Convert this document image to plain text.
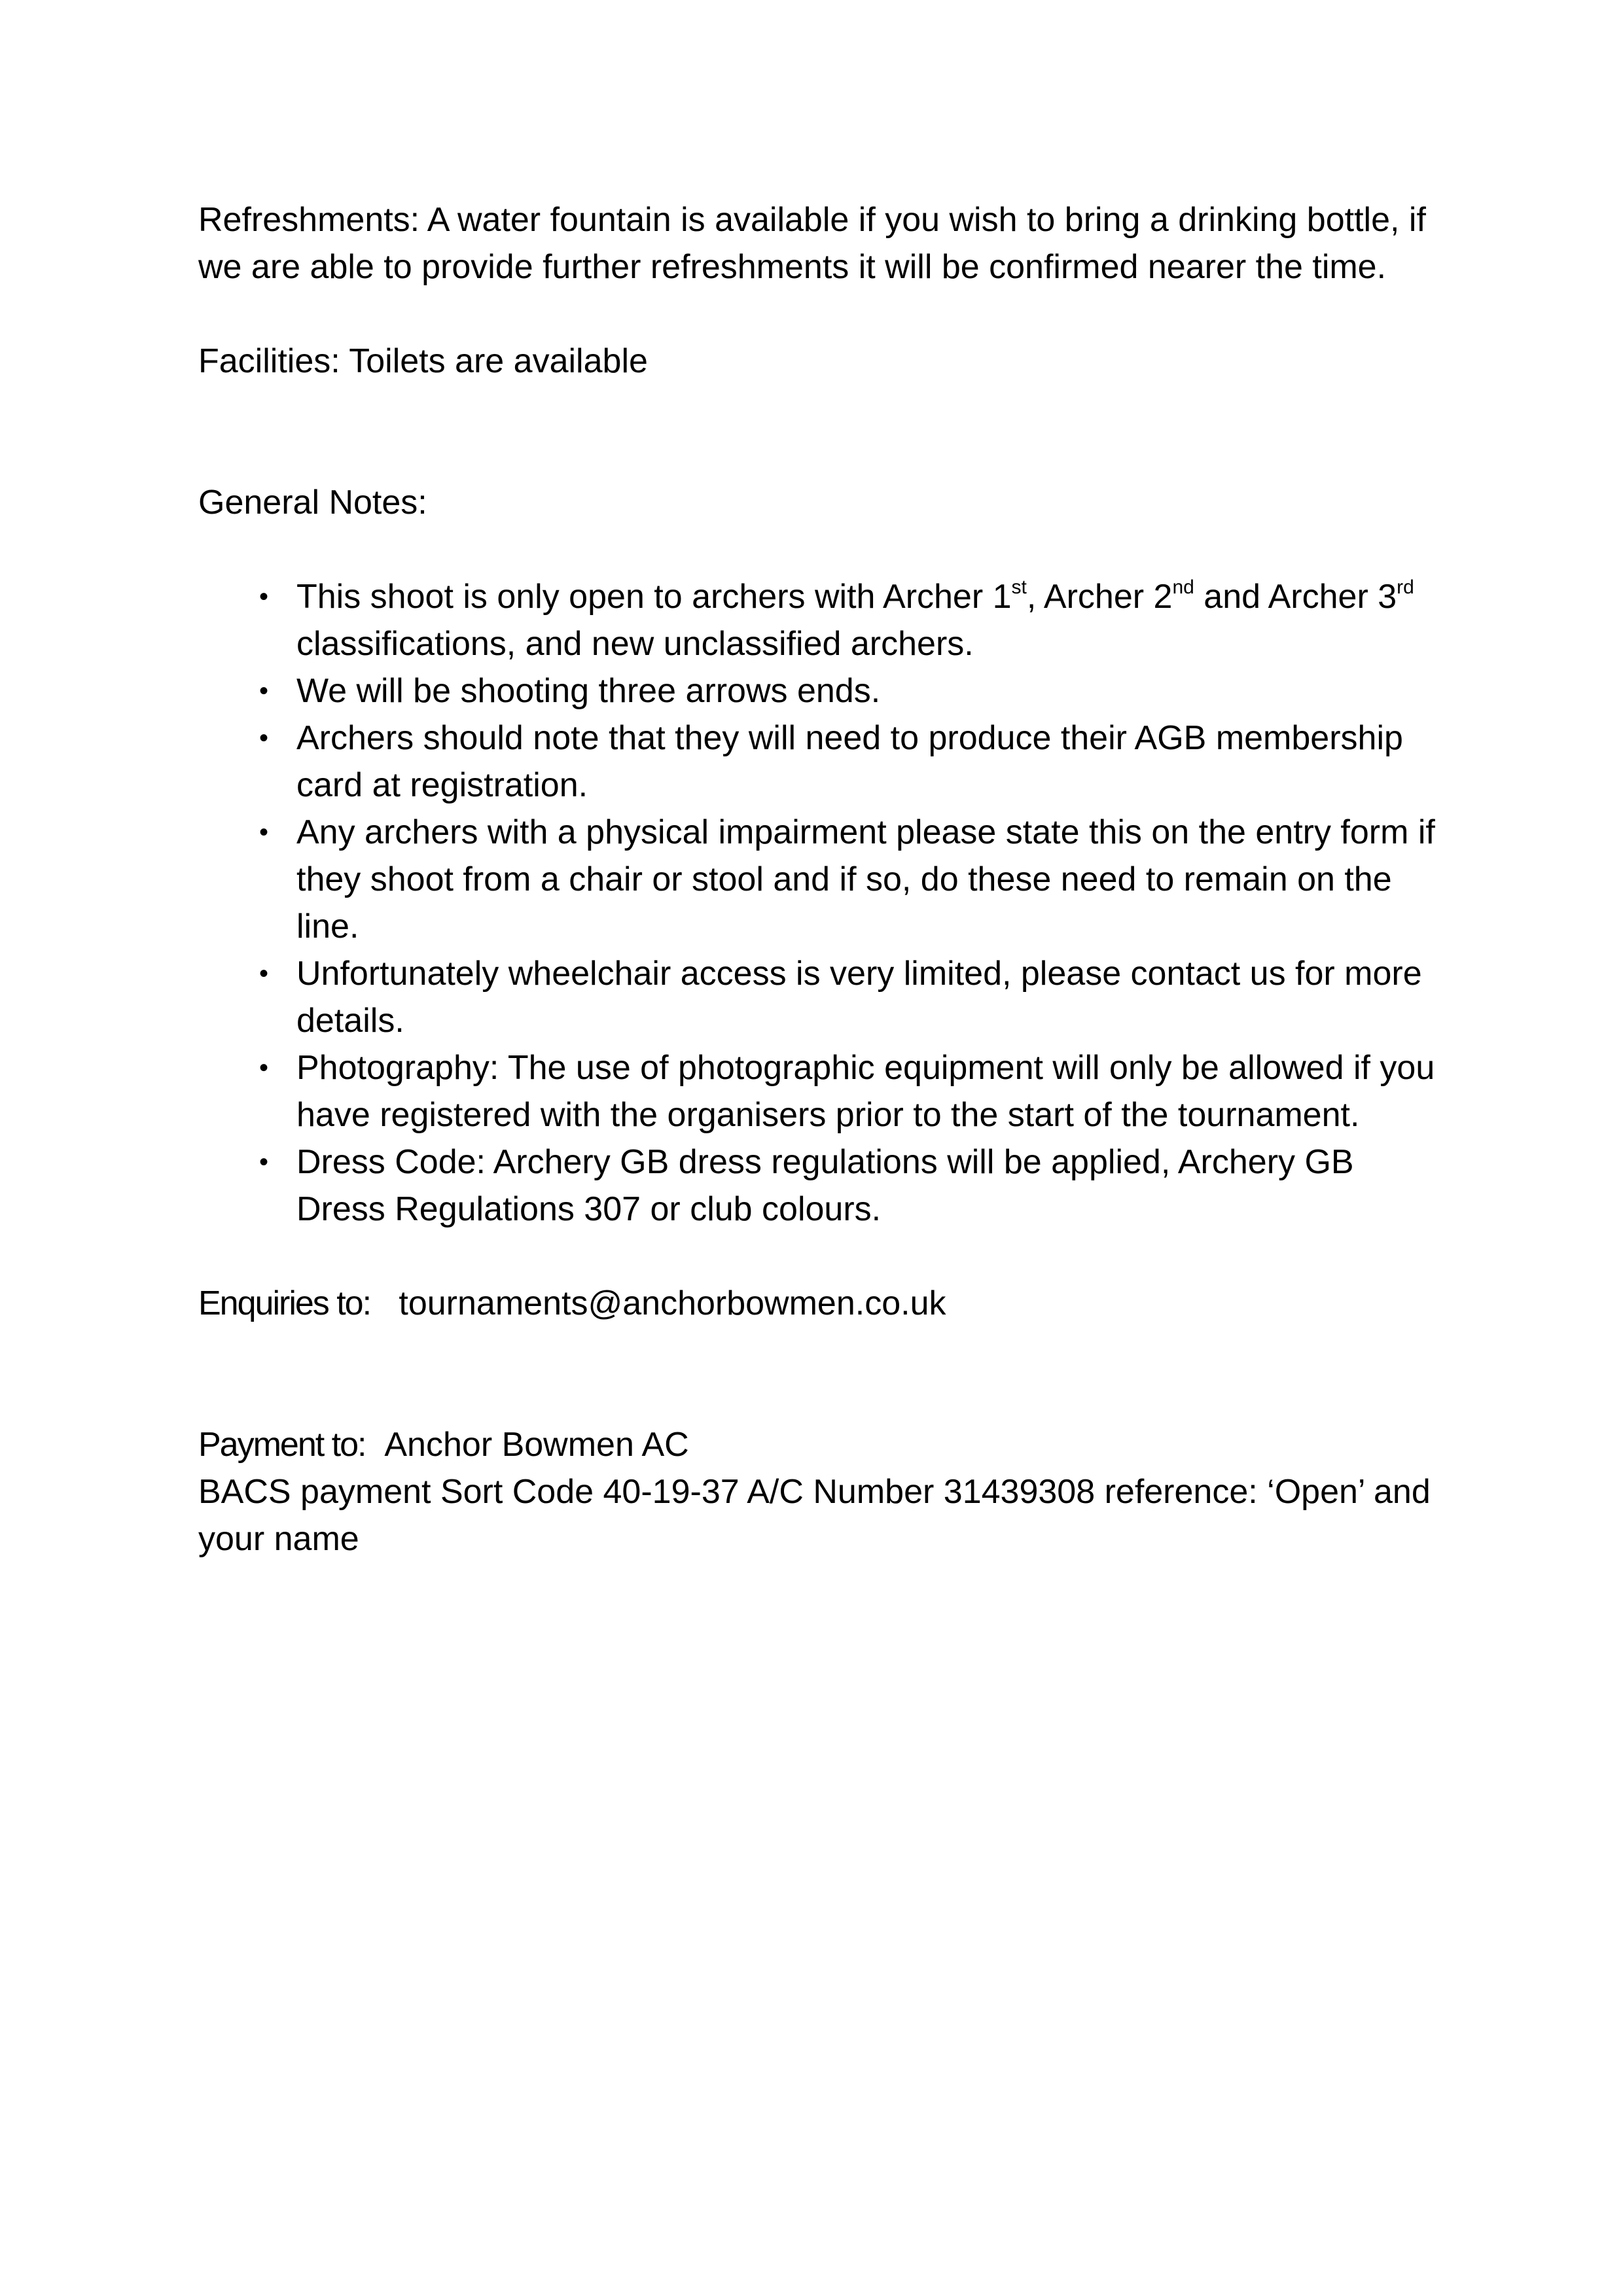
Refreshments: A water fountain is available if you wish to bring a drinking bottle, if we are able to provide further refreshments it will be confirmed nearer the time.

Facilities: Toilets are available

General Notes:

• This shoot is only open to archers with Archer 1st, Archer 2nd and Archer 3rd classifications, and new unclassified archers.
• We will be shooting three arrows ends.
• Archers should note that they will need to produce their AGB membership card at registration.
• Any archers with a physical impairment please state this on the entry form if they shoot from a chair or stool and if so, do these need to remain on the line.
• Unfortunately wheelchair access is very limited, please contact us for more details.
• Photography: The use of photographic equipment will only be allowed if you have registered with the organisers prior to the start of the tournament.
• Dress Code: Archery GB dress regulations will be applied, Archery GB Dress Regulations 307 or club colours.

Enquiries to: tournaments@anchorbowmen.co.uk

Payment to: Anchor Bowmen AC

BACS payment Sort Code 40-19-37 A/C Number 31439308 reference: ‘Open’ and your name
